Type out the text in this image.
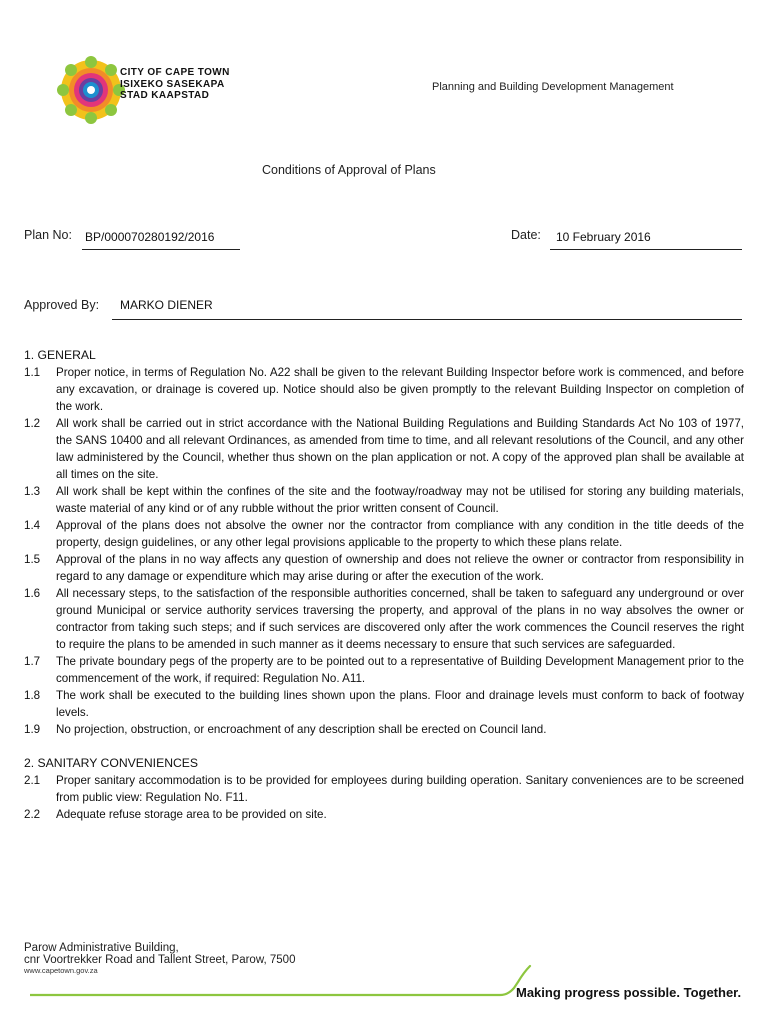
CITY OF CAPE TOWN
ISIXEKO SASEKAPA
STAD KAAPSTAD
Planning and Building Development Management
Conditions of Approval of Plans
Plan No: BP/000070280192/2016	Date: 10 February 2016
Approved By: MARKO DIENER
1. GENERAL
1.1	Proper notice, in terms of Regulation No. A22 shall be given to the relevant Building Inspector before work is commenced, and before any excavation, or drainage is covered up. Notice should also be given promptly to the relevant Building Inspector on completion of the work.
1.2	All work shall be carried out in strict accordance with the National Building Regulations and Building Standards Act No 103 of 1977, the SANS 10400 and all relevant Ordinances, as amended from time to time, and all relevant resolutions of the Council, and any other law administered by the Council, whether thus shown on the plan application or not. A copy of the approved plan shall be available at all times on the site.
1.3	All work shall be kept within the confines of the site and the footway/roadway may not be utilised for storing any building materials, waste material of any kind or of any rubble without the prior written consent of Council.
1.4	Approval of the plans does not absolve the owner nor the contractor from compliance with any condition in the title deeds of the property, design guidelines, or any other legal provisions applicable to the property to which these plans relate.
1.5	Approval of the plans in no way affects any question of ownership and does not relieve the owner or contractor from responsibility in regard to any damage or expenditure which may arise during or after the execution of the work.
1.6	All necessary steps, to the satisfaction of the responsible authorities concerned, shall be taken to safeguard any underground or over ground Municipal or service authority services traversing the property, and approval of the plans in no way absolves the owner or contractor from taking such steps; and if such services are discovered only after the work commences the Council reserves the right to require the plans to be amended in such manner as it deems necessary to ensure that such services are safeguarded.
1.7	The private boundary pegs of the property are to be pointed out to a representative of Building Development Management prior to the commencement of the work, if required: Regulation No. A11.
1.8	The work shall be executed to the building lines shown upon the plans. Floor and drainage levels must conform to back of footway levels.
1.9	No projection, obstruction, or encroachment of any description shall be erected on Council land.
2. SANITARY CONVENIENCES
2.1	Proper sanitary accommodation is to be provided for employees during building operation. Sanitary conveniences are to be screened from public view: Regulation No. F11.
2.2	Adequate refuse storage area to be provided on site.
Parow Administrative Building,
cnr Voortrekker Road and Tallent Street, Parow, 7500
www.capetown.gov.za
Making progress possible. Together.
